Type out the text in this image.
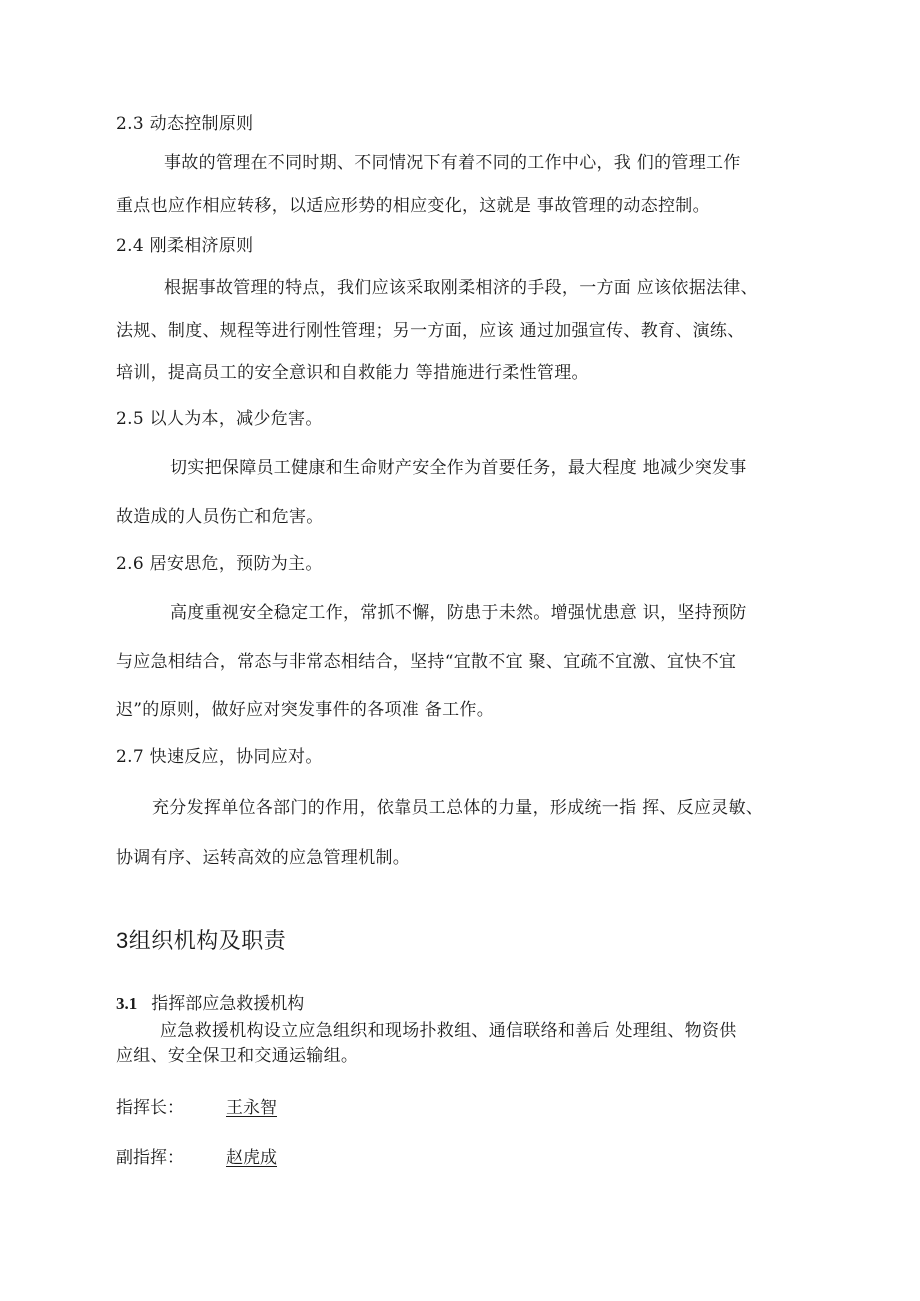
2.3 动态控制原则
事故的管理在不同时期、不同情况下有着不同的工作中心，我 们的管理工作
重点也应作相应转移，以适应形势的相应变化，这就是 事故管理的动态控制。
2.4 刚柔相济原则
根据事故管理的特点，我们应该采取刚柔相济的手段，一方面 应该依据法律、
法规、制度、规程等进行刚性管理；另一方面，应该 通过加强宣传、教育、演练、
培训，提高员工的安全意识和自救能力 等措施进行柔性管理。
2.5 以人为本，减少危害。
切实把保障员工健康和生命财产安全作为首要任务，最大程度 地减少突发事
故造成的人员伤亡和危害。
2.6 居安思危，预防为主。
高度重视安全稳定工作，常抓不懈，防患于未然。增强忧患意 识，坚持预防
与应急相结合，常态与非常态相结合，坚持“宜散不宜 聚、宜疏不宜激、宜快不宜
迟”的原则，做好应对突发事件的各项准 备工作。
2.7 快速反应，协同应对。
充分发挥单位各部门的作用，依靠员工总体的力量，形成统一指 挥、反应灵敏、
协调有序、运转高效的应急管理机制。
3组织机构及职责
3.1 指挥部应急救援机构
应急救援机构设立应急组织和现场扑救组、通信联络和善后 处理组、物资供
应组、安全保卫和交通运输组。
指挥长： 王永智
副指挥： 赵虎成
